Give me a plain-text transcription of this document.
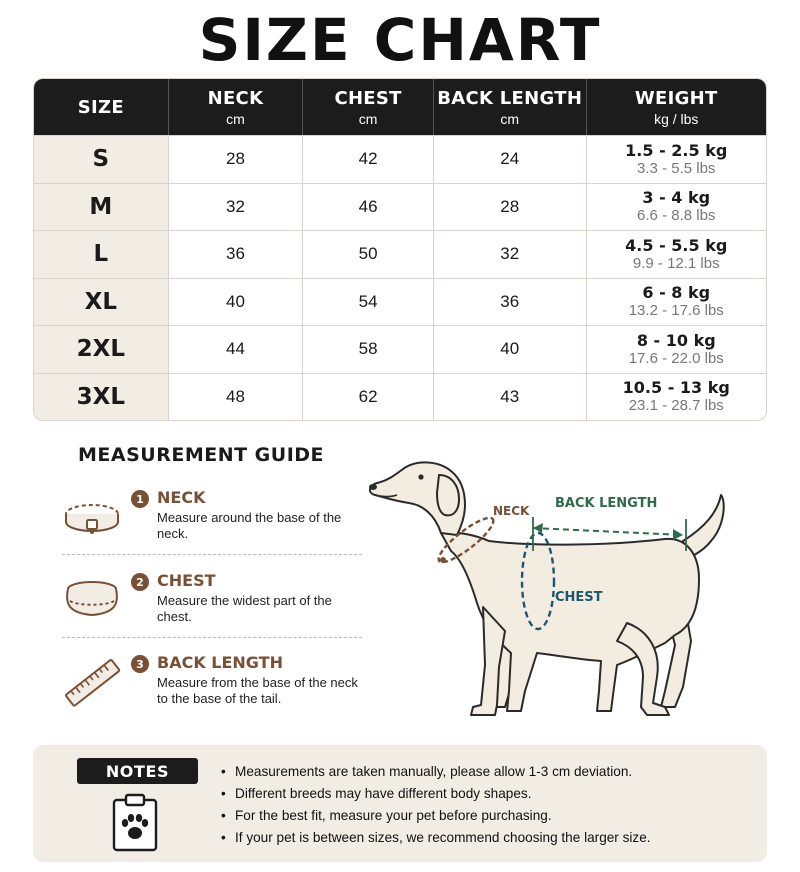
SIZE CHART
SIZE	NECK
cm
CHEST
cm
BACK LENGTH
cm
WEIGHT
kg / lbs
S	28	42	24	1.5 - 2.5 kg
3.3 - 5.5 lbs
M	32	46	28	3 - 4 kg
6.6 - 8.8 lbs
L	36	50	32	4.5 - 5.5 kg
9.9 - 12.1 lbs
XL	40	54	36	6 - 8 kg
13.2 - 17.6 lbs
2XL	44	58	40	8 - 10 kg
17.6 - 22.0 lbs
3XL	48	62	43	10.5 - 13 kg
23.1 - 28.7 lbs
MEASUREMENT GUIDE
1 NECK
Measure around the base of the neck.
2 CHEST
Measure the widest part of the chest.
3 BACK LENGTH
Measure from the base of the neck to the base of the tail.
NECK BACK LENGTH
CHEST
NOTES
•	Measurements are taken manually, please allow 1-3 cm deviation.
• Different breeds may have different body shapes.
• For the best fit, measure your pet before purchasing.
• If your pet is between sizes, we recommend choosing the larger size.
